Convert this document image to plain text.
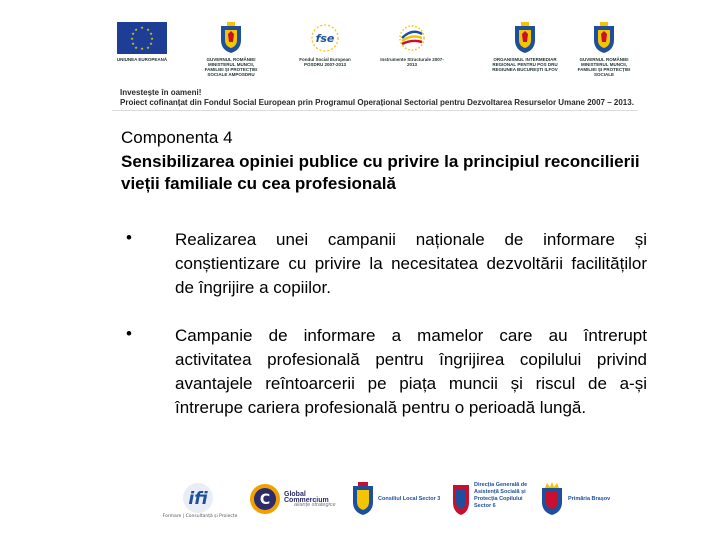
★ ★
★
★
★
★
★
★
★
★
★
★
UNIUNEA EUROPEANĂ	GUVERNUL ROMÂNIEI MINISTERUL MUNCII, FAMILIEI ȘI PROTECȚIEI SOCIALE AMPOSDRU
fse
Fondul Social European POSDRU 2007-2013
Instrumente Structurale 2007-2013
ORGANISMUL INTERMEDIAR REGIONAL PENTRU POS DRU REGIUNEA BUCUREȘTI ILFOV
GUVERNUL ROMÂNIEI MINISTERUL MUNCII, FAMILIEI ȘI PROTECȚIEI SOCIALE
Investește în oameni!
Proiect cofinanțat din Fondul Social European prin Programul Operațional Sectorial pentru Dezvoltarea Resurselor Umane 2007 – 2013.
Componenta 4
Sensibilizarea opiniei publice cu privire la principiul reconcilierii vieții familiale cu cea profesională
•	Realizarea unei campanii naționale de informare și conștientizare cu privire la necesitatea dezvoltării facilităților de îngrijire a copiilor.
•	Campanie de informare a mamelor care au întrerupt activitatea profesională pentru îngrijirea copilului privind avantajele reîntoarcerii pe piața muncii și riscul de a-și întrerupe cariera profesională pentru o perioadă lungă.
ifi
Formare | Consultanță și Proiecte
C Global Commercium
alianțe strategice
Consiliul Local Sector 3
Direcția Generală de
Asistență Socială și
Protecția Copilului
Sector 6
Primăria Brașov
